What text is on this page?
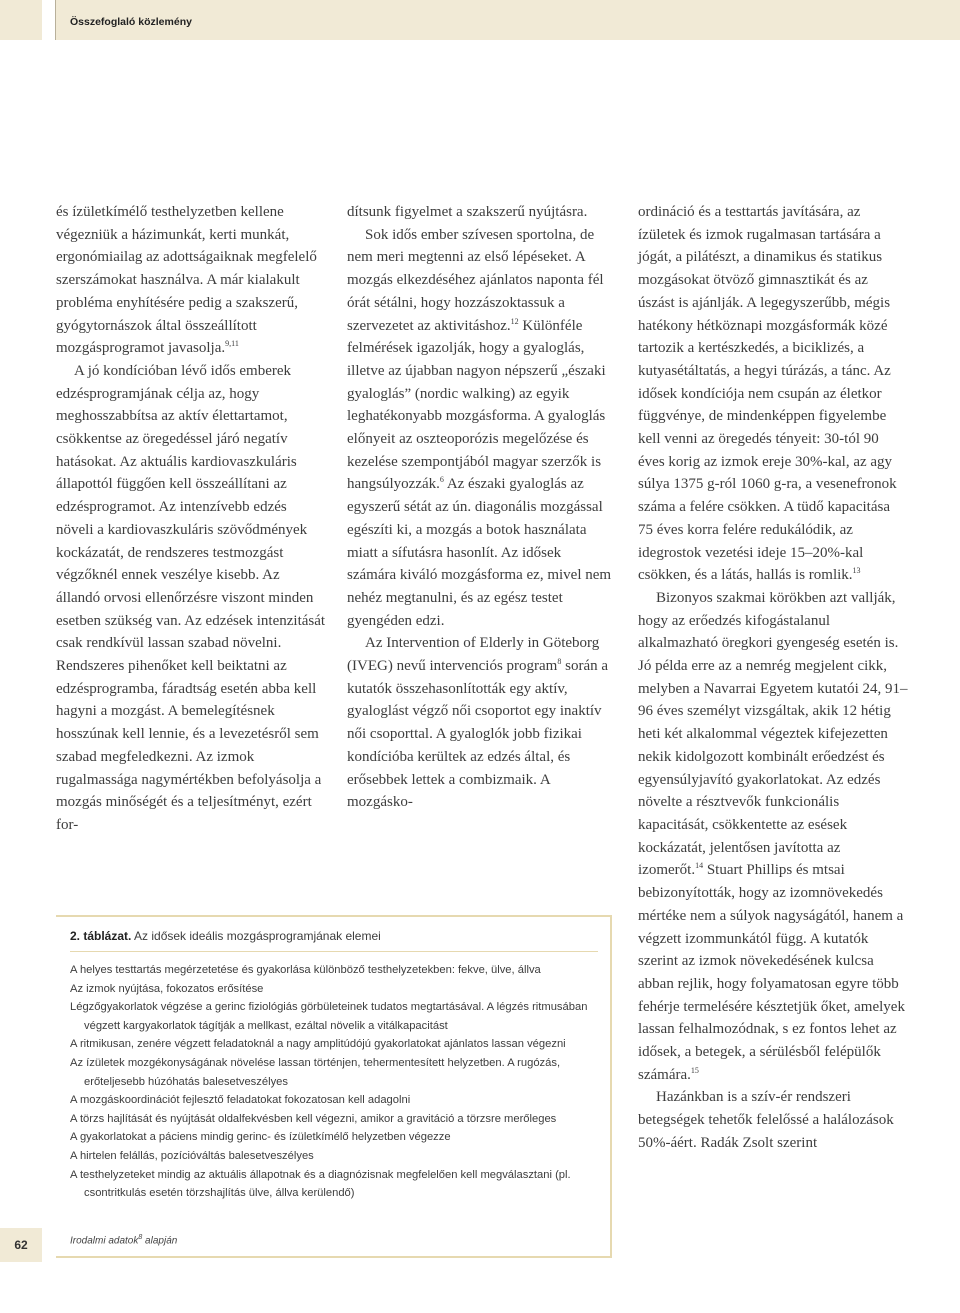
62
Összefoglaló közlemény

és ízületkímélő testhelyzetben kellene végezniük a házimunkát, kerti munkát, ergonómiailag az adottságaiknak megfelelő szerszámokat használva. A már kialakult probléma enyhítésére pedig a szakszerű, gyógytornászok által összeállított mozgásprogramot javasolja.$^{9,11}$

A jó kondícióban lévő idős emberek edzésprogramjának célja az, hogy meghosszabbítsa az aktív élettartamot, csökkentse az öregedéssel járó negatív hatásokat. Az aktuális kardiovaszkuláris állapottól függően kell összeállítani az edzésprogramot. Az intenzívebb edzés növeli a kardiovaszkuláris szövődmények kockázatát, de rendszeres testmozgást végzőknél ennek veszélye kisebb. Az állandó orvosi ellenőrzésre viszont minden esetben szükség van. Az edzések intenzitását csak rendkívül lassan szabad növelni. Rendszeres pihenőket kell beiktatni az edzésprogramba, fáradtság esetén abba kell hagyni a mozgást. A bemelegítésnek hosszúnak kell lennie, és a levezetésről sem szabad megfeledkezni. Az izmok rugalmassága nagymértékben befolyásolja a mozgás minőségét és a teljesítményt, ezért for-

dítsunk figyelmet a szakszerű nyújtásra.

Sok idős ember szívesen sportolna, de nem meri megtenni az első lépéseket. A mozgás elkezdéséhez ajánlatos naponta fél órát sétálni, hogy hozzászoktassuk a szervezetet az aktivitáshoz.$^{12}$ Különféle felmérések igazolják, hogy a gyaloglás, illetve az újabban nagyon népszerű „északi gyaloglás” (nordic walking) az egyik leghatékonyabb mozgásforma. A gyaloglás előnyeit az oszteoporózis megelőzése és kezelése szempontjából magyar szerzők is hangsúlyozzák.$^6$ Az északi gyaloglás az egyszerű sétát az ún. diagonális mozgással egészíti ki, a mozgás a botok használata miatt a sífutásra hasonlít. Az idősek számára kiváló mozgásforma ez, mivel nem nehéz megtanulni, és az egész testet gyengéden edzi.

Az Intervention of Elderly in Göteborg (IVEG) nevű intervenciós program$^8$ során a kutatók összehasonlították egy aktív, gyaloglást végző női csoportot egy inaktív női csoporttal. A gyaloglók jobb fizikai kondícióba kerültek az edzés által, és erősebbek lettek a combizmaik. A mozgásko-

ordináció és a testtartás javítására, az ízületek és izmok rugalmasan tartására a jógát, a pilátészt, a dinamikus és statikus mozgásokat ötvöző gimnasztikát és az úszást is ajánlják. A legegyszerűbb, mégis hatékony hétköznapi mozgásformák közé tartozik a kertészkedés, a biciklizés, a kutyasétáltatás, a hegyi túrázás, a tánc. Az idősek kondíciója nem csupán az életkor függvénye, de mindenképpen figyelembe kell venni az öregedés tényeit: 30-tól 90 éves korig az izmok ereje 30%-kal, az agy súlya 1375 g-ról 1060 g-ra, a vesenefronok száma a felére csökken. A tüdő kapacitása 75 éves korra felére redukálódik, az idegrostok vezetési ideje 15–20%-kal csökken, és a látás, hallás is romlik.$^{13}$

Bizonyos szakmai körökben azt vallják, hogy az erőedzés kifogástalanul alkalmazható öregkori gyengeség esetén is. Jó példa erre az a nemrég megjelent cikk, melyben a Navarrai Egyetem kutatói 24, 91–96 éves személyt vizsgáltak, akik 12 hétig heti két alkalommal végeztek kifejezetten nekik kidolgozott kombinált erőedzést és egyensúlyjavító gyakorlatokat. Az edzés növelte a résztvevők funkcionális kapacitását, csökkentette az esések kockázatát, jelentősen javította az izomerőt.$^{14}$ Stuart Phillips és mtsai bebizonyították, hogy az izomnövekedés mértéke nem a súlyok nagyságától, hanem a végzett izommunkától függ. A kutatók szerint az izmok növekedésének kulcsa abban rejlik, hogy folyamatosan egyre több fehérje termelésére késztetjük őket, amelyek lassan felhalmozódnak, s ez fontos lehet az idősek, a betegek, a sérülésből felépülők számára.$^{15}$

Hazánkban is a szív-ér rendszeri betegségek tehetők felelőssé a halálozások 50%-áért. Radák Zsolt szerint

2. táblázat. Az idősek ideális mozgásprogramjának elemei
A helyes testtartás megérzetetése és gyakorlása különböző testhelyzetekben: fekve, ülve, állva
Az izmok nyújtása, fokozatos erősítése
Légzőgyakorlatok végzése a gerinc fiziológiás görbületeinek tudatos megtartásával. A légzés ritmusában végzett kargyakorlatok tágítják a mellkast, ezáltal növelik a vitálkapacitást
A ritmikusan, zenére végzett feladatoknál a nagy amplitúdójú gyakorlatokat ajánlatos lassan végezni
Az ízületek mozgékonyságának növelése lassan történjen, tehermentesített helyzetben. A rugózás, erőteljesebb húzóhatás balesetveszélyes
A mozgáskoordinációt fejlesztő feladatokat fokozatosan kell adagolni
A törzs hajlítását és nyújtását oldalfekvésben kell végezni, amikor a gravitáció a törzsre merőleges
A gyakorlatokat a páciens mindig gerinc- és ízületkímélő helyzetben végezze
A hirtelen felállás, pozícióváltás balesetveszélyes
A testhelyzeteket mindig az aktuális állapotnak és a diagnózisnak megfelelően kell megválasztani (pl. csontritkulás esetén törzshajlítás ülve, állva kerülendő)
Irodalmi adatok$^8$ alapján
